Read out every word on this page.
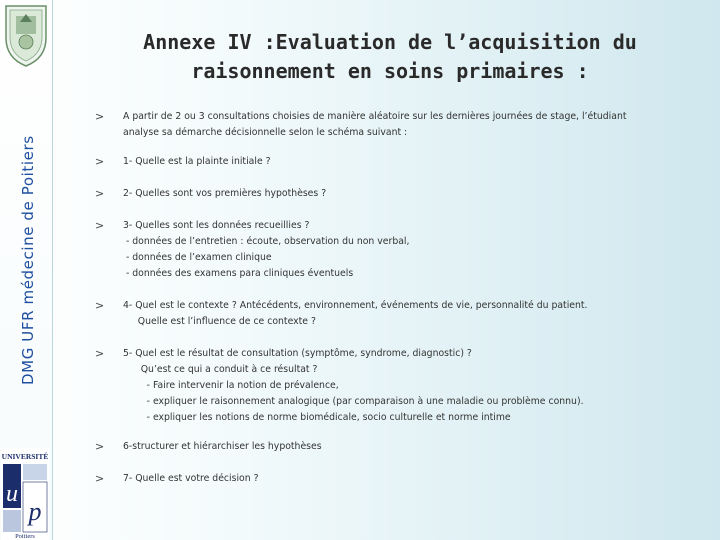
DMG UFR médecine de Poitiers
UNIVERSITÉ
u
p
Poitiers
Annexe IV :Evaluation de l’acquisition du
raisonnement en soins primaires :
> A partir de 2 ou 3 consultations choisies de manière aléatoire sur les dernières journées de stage, l’étudiant
analyse sa démarche décisionnelle selon le schéma suivant :
> 1- Quelle est la plainte initiale ?
> 2- Quelles sont vos premières hypothèses ?
> 3- Quelles sont les données recueillies ?
- données de l’entretien : écoute, observation du non verbal,
- données de l’examen clinique
- données des examens para cliniques éventuels
> 4- Quel est le contexte ? Antécédents, environnement, événements de vie, personnalité du patient.
Quelle est l’influence de ce contexte ?
> 5- Quel est le résultat de consultation (symptôme, syndrome, diagnostic) ?
Qu’est ce qui a conduit à ce résultat ?
- Faire intervenir la notion de prévalence,
- expliquer le raisonnement analogique (par comparaison à une maladie ou problème connu).
- expliquer les notions de norme biomédicale, socio culturelle et norme intime
> 6-structurer et hiérarchiser les hypothèses
> 7- Quelle est votre décision ?
